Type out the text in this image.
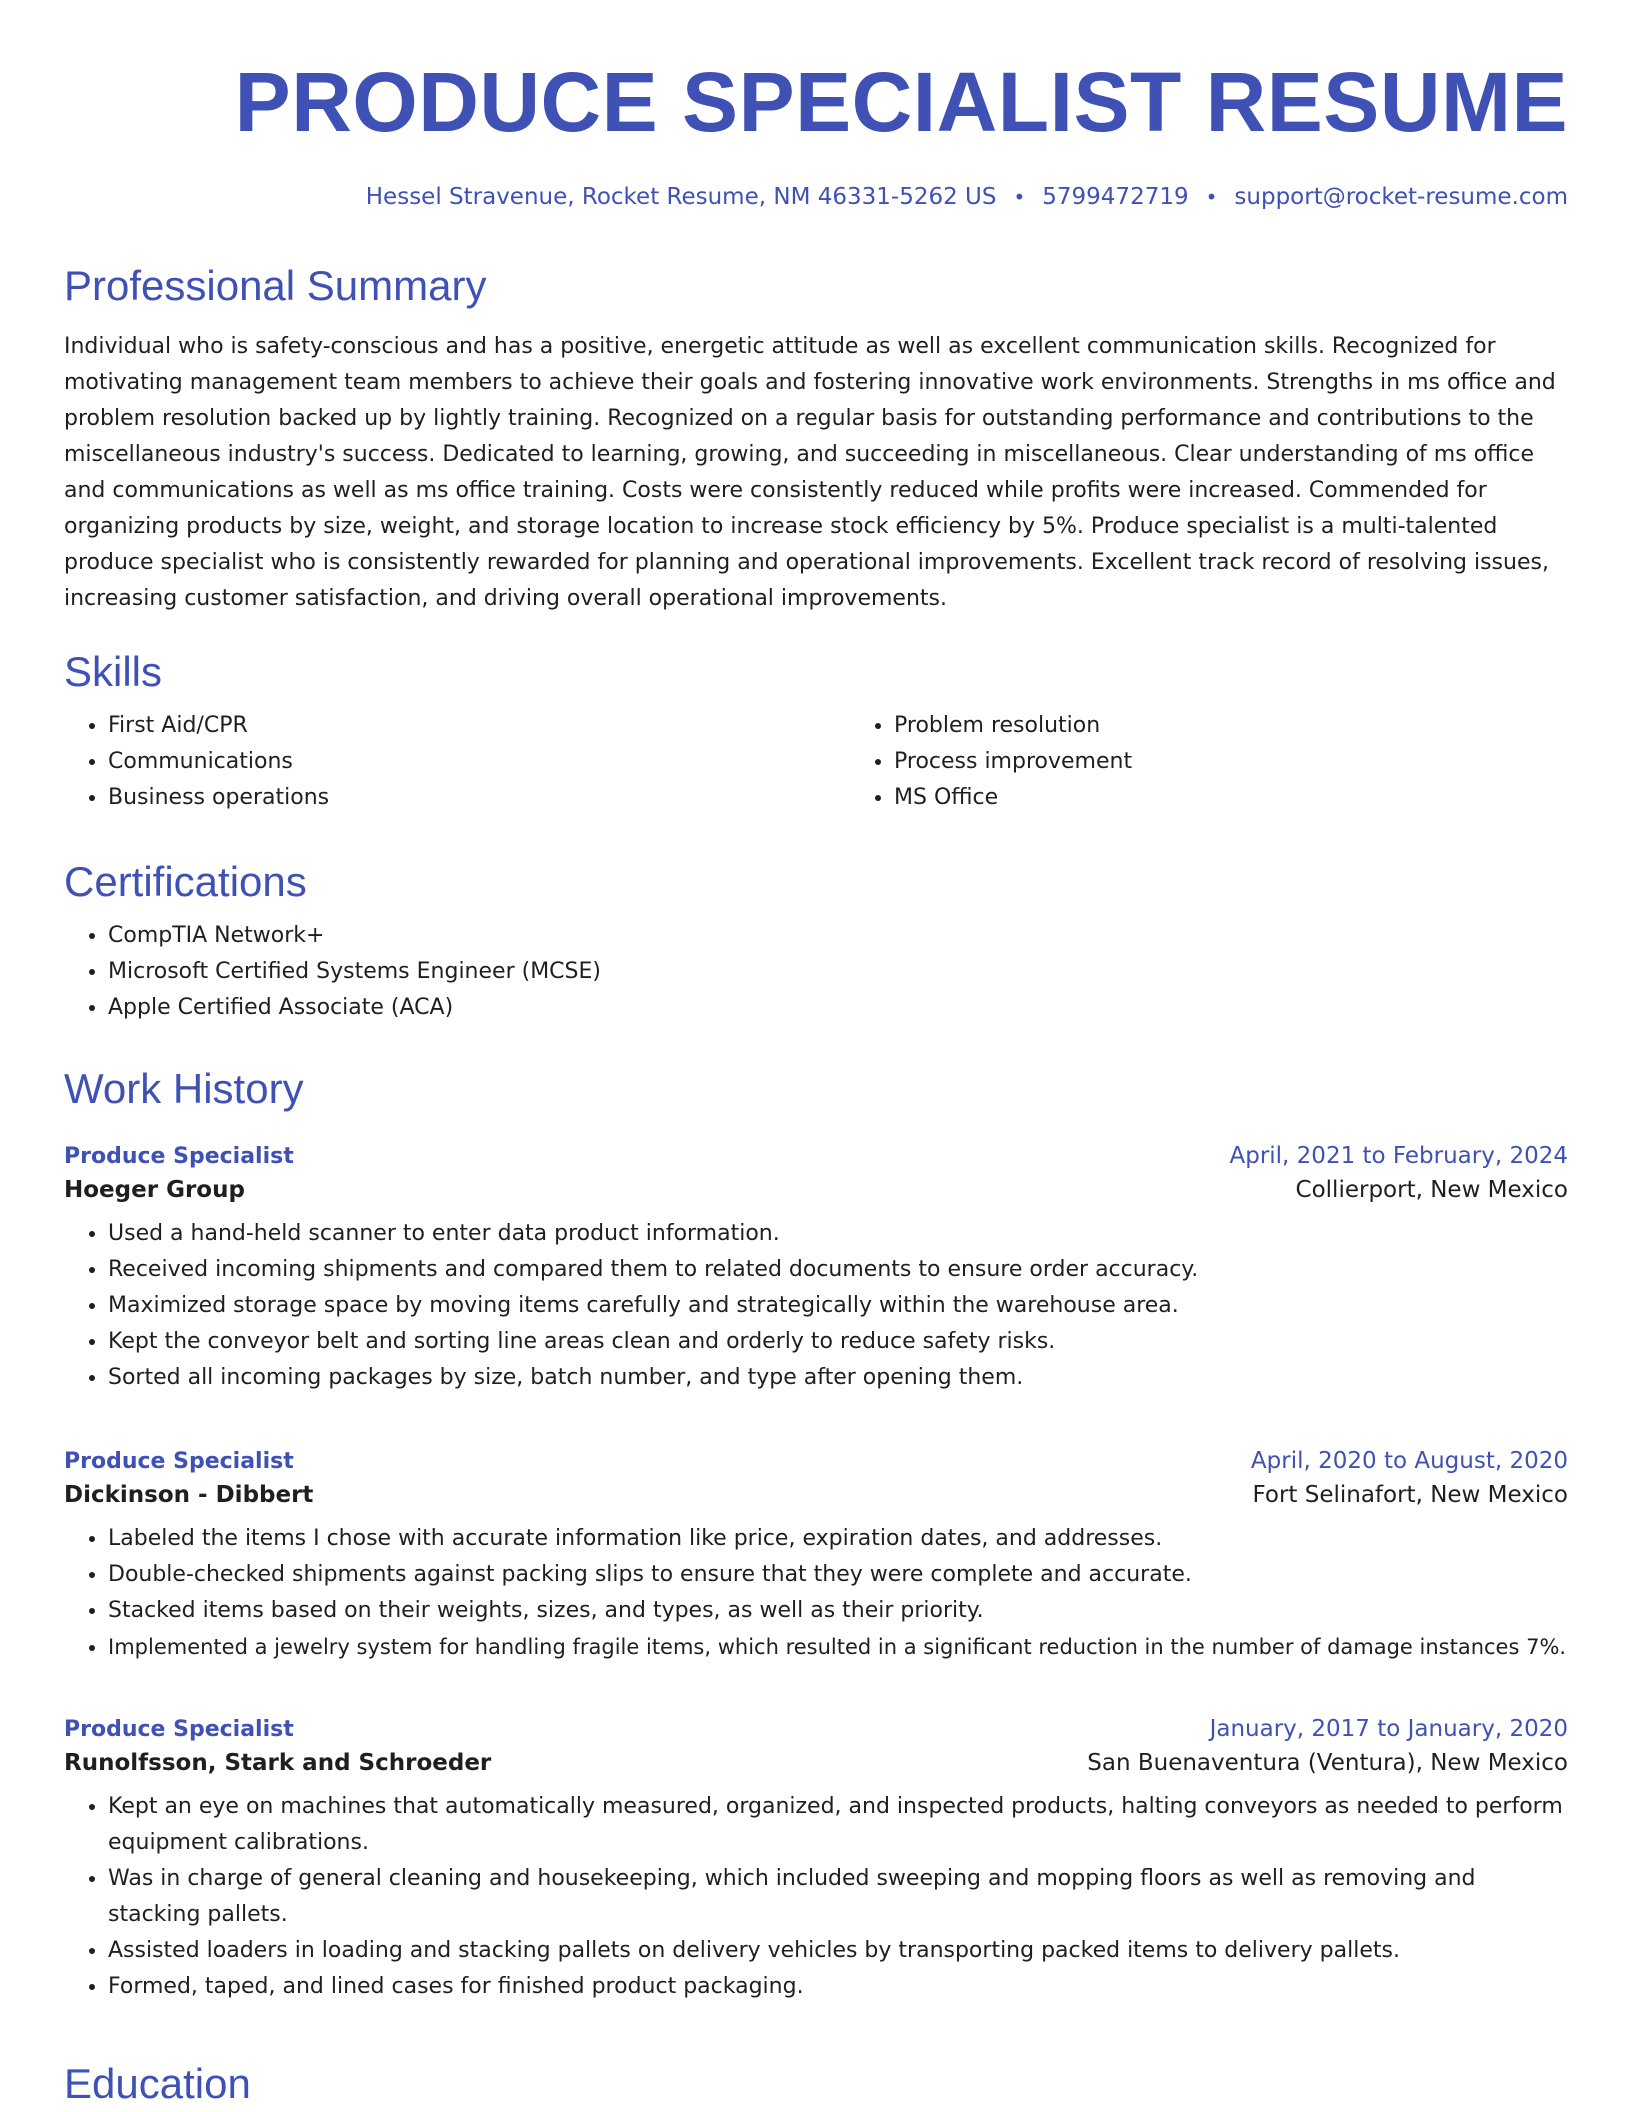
PRODUCE SPECIALIST RESUME
Hessel Stravenue, Rocket Resume, NM 46331-5262 US • 5799472719 • support@rocket-resume.com
Professional Summary

Individual who is safety-conscious and has a positive, energetic attitude as well as excellent communication skills. Recognized for motivating management team members to achieve their goals and fostering innovative work environments. Strengths in ms office and problem resolution backed up by lightly training. Recognized on a regular basis for outstanding performance and contributions to the miscellaneous industry's success. Dedicated to learning, growing, and succeeding in miscellaneous. Clear understanding of ms office and communications as well as ms office training. Costs were consistently reduced while profits were increased. Commended for organizing products by size, weight, and storage location to increase stock efficiency by 5%. Produce specialist is a multi-talented produce specialist who is consistently rewarded for planning and operational improvements. Excellent track record of resolving issues, increasing customer satisfaction, and driving overall operational improvements.

Skills
• First Aid/CPR
• Communications
• Business operations
• Problem resolution
• Process improvement
• MS Office
Certifications
• CompTIA Network+
• Microsoft Certified Systems Engineer (MCSE)
• Apple Certified Associate (ACA)
Work History
Produce Specialist	April, 2021 to February, 2024
Hoeger Group	Collierport, New Mexico
• Used a hand-held scanner to enter data product information.
• Received incoming shipments and compared them to related documents to ensure order accuracy.
• Maximized storage space by moving items carefully and strategically within the warehouse area.
• Kept the conveyor belt and sorting line areas clean and orderly to reduce safety risks.
• Sorted all incoming packages by size, batch number, and type after opening them.
Produce Specialist	April, 2020 to August, 2020
Dickinson - Dibbert	Fort Selinafort, New Mexico
• Labeled the items I chose with accurate information like price, expiration dates, and addresses.
• Double-checked shipments against packing slips to ensure that they were complete and accurate.
• Stacked items based on their weights, sizes, and types, as well as their priority.
• Implemented a jewelry system for handling fragile items, which resulted in a significant reduction in the number of damage instances 7%.
Produce Specialist	January, 2017 to January, 2020
Runolfsson, Stark and Schroeder	San Buenaventura (Ventura), New Mexico
• Kept an eye on machines that automatically measured, organized, and inspected products, halting conveyors as needed to perform equipment calibrations.
• Was in charge of general cleaning and housekeeping, which included sweeping and mopping floors as well as removing and stacking pallets.
• Assisted loaders in loading and stacking pallets on delivery vehicles by transporting packed items to delivery pallets.
• Formed, taped, and lined cases for finished product packaging.
Education
